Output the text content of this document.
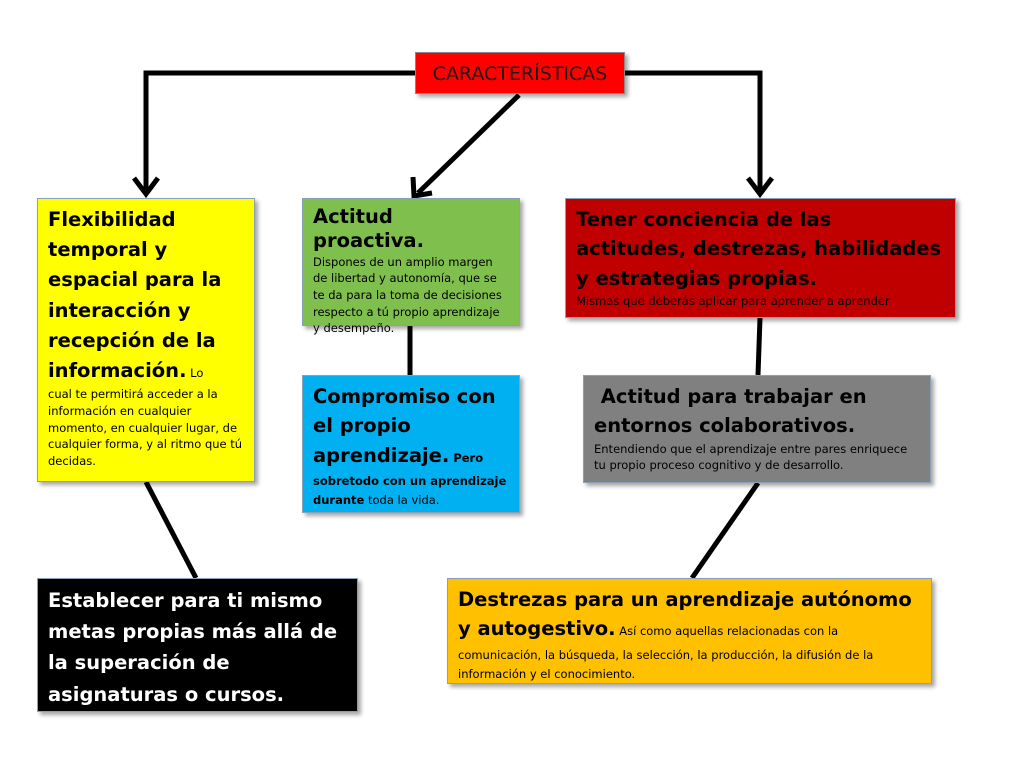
CARACTERÍSTICAS
Flexibilidad temporal y espacial para la interacción y recepción de la información. Lo
cual te permitirá acceder a la información en cualquier momento, en cualquier lugar, de cualquier forma, y al ritmo que tú decidas.
Actitud proactiva.
Dispones de un amplio margen de libertad y autonomía, que se te da para la toma de decisiones respecto a tú propio aprendizaje y desempeño.
Tener conciencia de las actitudes, destrezas, habilidades y estrategias propias.
Mismas que deberás aplicar para aprender a aprender
Compromiso con el propio aprendizaje. Pero sobretodo con un aprendizaje durante toda la vida.
Actitud para trabajar en entornos colaborativos.
Entendiendo que el aprendizaje entre pares enriquece tu propio proceso cognitivo y de desarrollo.
Establecer para ti mismo metas propias más allá de la superación de asignaturas o cursos.
Destrezas para un aprendizaje autónomo y autogestivo. Así como aquellas relacionadas con la comunicación, la búsqueda, la selección, la producción, la difusión de la información y el conocimiento.
